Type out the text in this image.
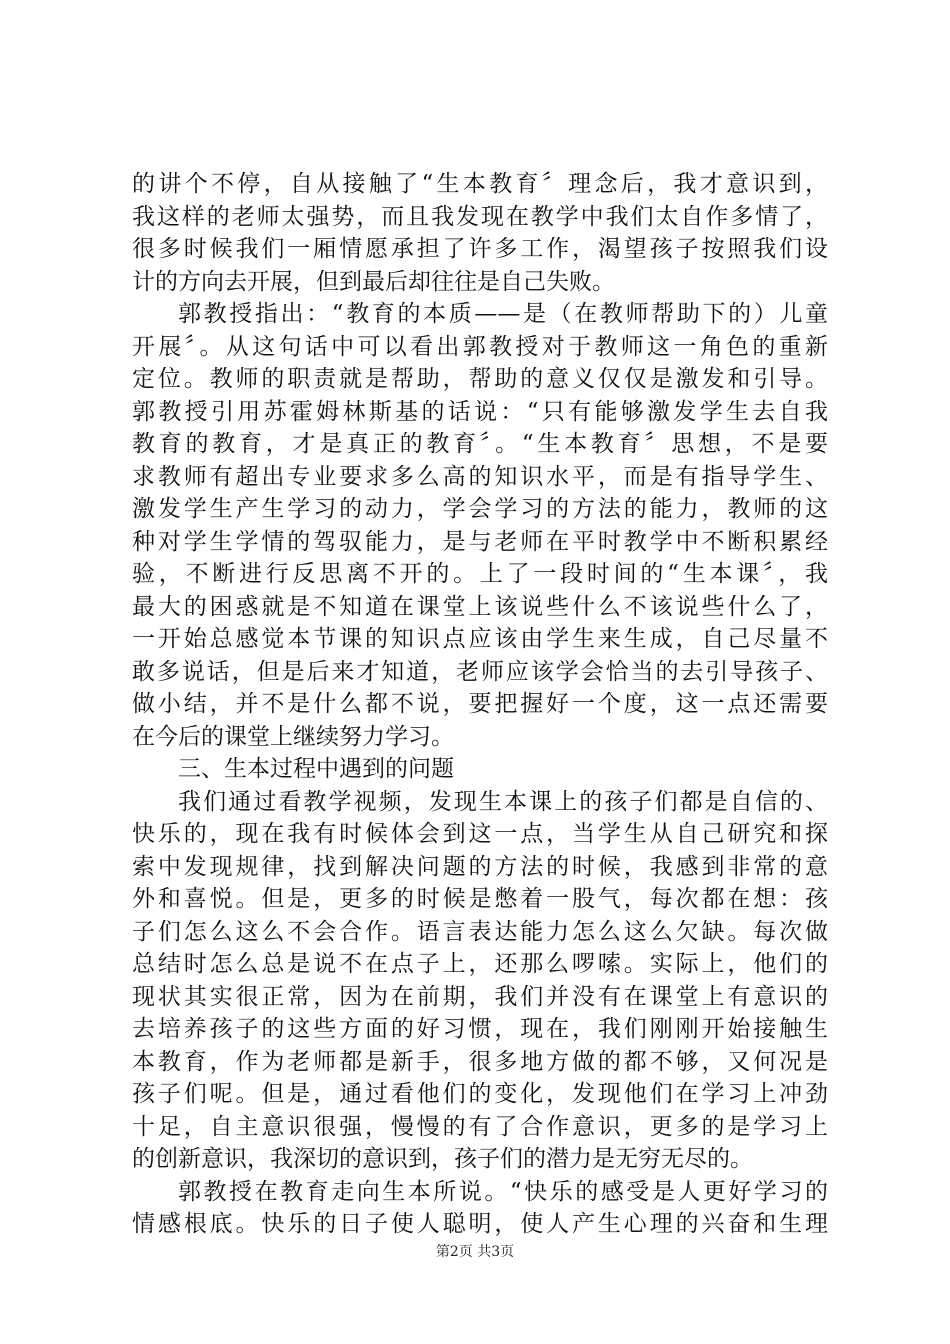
的讲个不停，自从接触了“生本教育〞理念后，我才意识到，
我这样的老师太强势，而且我发现在教学中我们太自作多情了，
很多时候我们一厢情愿承担了许多工作，渴望孩子按照我们设
计的方向去开展，但到最后却往往是自己失败。
郭教授指出：“教育的本质——是（在教师帮助下的）儿童
开展〞。从这句话中可以看出郭教授对于教师这一角色的重新
定位。教师的职责就是帮助，帮助的意义仅仅是激发和引导。
郭教授引用苏霍姆林斯基的话说：“只有能够激发学生去自我
教育的教育，才是真正的教育〞。“生本教育〞思想，不是要
求教师有超出专业要求多么高的知识水平，而是有指导学生、
激发学生产生学习的动力，学会学习的方法的能力，教师的这
种对学生学情的驾驭能力，是与老师在平时教学中不断积累经
验，不断进行反思离不开的。上了一段时间的“生本课〞，我
最大的困惑就是不知道在课堂上该说些什么不该说些什么了，
一开始总感觉本节课的知识点应该由学生来生成，自己尽量不
敢多说话，但是后来才知道，老师应该学会恰当的去引导孩子、
做小结，并不是什么都不说，要把握好一个度，这一点还需要
在今后的课堂上继续努力学习。
三、生本过程中遇到的问题
我们通过看教学视频，发现生本课上的孩子们都是自信的、
快乐的，现在我有时候体会到这一点，当学生从自己研究和探
索中发现规律，找到解决问题的方法的时候，我感到非常的意
外和喜悦。但是，更多的时候是憋着一股气，每次都在想：孩
子们怎么这么不会合作。语言表达能力怎么这么欠缺。每次做
总结时怎么总是说不在点子上，还那么啰嗦。实际上，他们的
现状其实很正常，因为在前期，我们并没有在课堂上有意识的
去培养孩子的这些方面的好习惯，现在，我们刚刚开始接触生
本教育，作为老师都是新手，很多地方做的都不够，又何况是
孩子们呢。但是，通过看他们的变化，发现他们在学习上冲劲
十足，自主意识很强，慢慢的有了合作意识，更多的是学习上
的创新意识，我深切的意识到，孩子们的潜力是无穷无尽的。
郭教授在教育走向生本所说。“快乐的感受是人更好学习的
情感根底。快乐的日子使人聪明，使人产生心理的兴奋和生理
第2页 共3页
